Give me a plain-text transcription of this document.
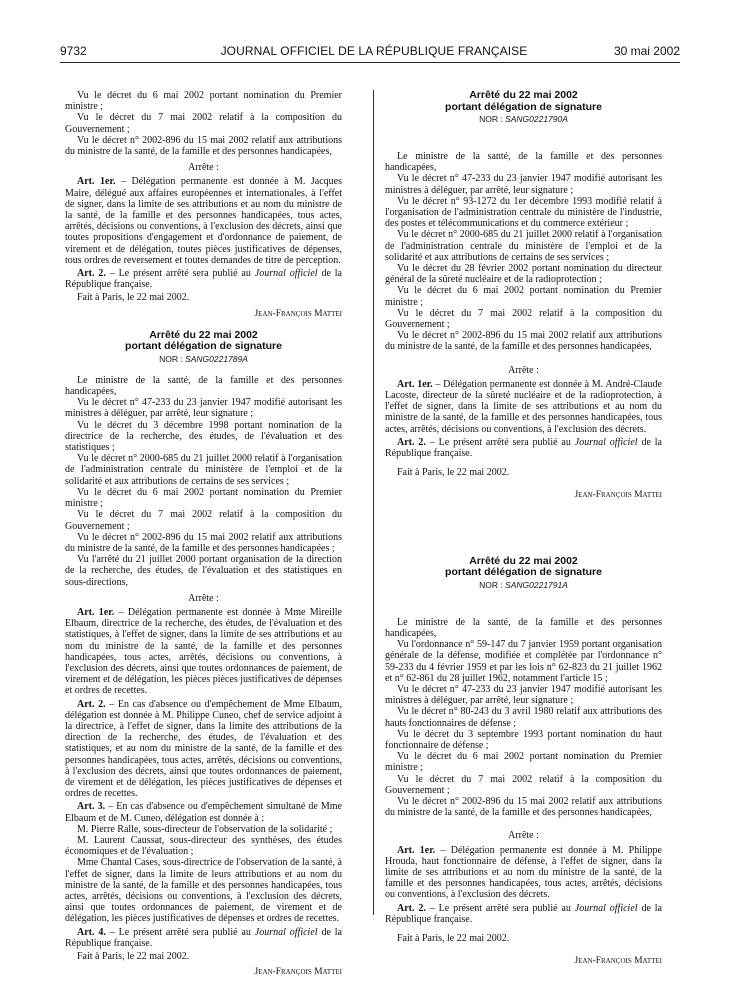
9732	JOURNAL OFFICIEL DE LA RÉPUBLIQUE FRANÇAISE	30 mai 2002

Vu le décret du 6 mai 2002 portant nomination du Premier ministre ;

Vu le décret du 7 mai 2002 relatif à la composition du Gouvernement ;

Vu le décret n° 2002-896 du 15 mai 2002 relatif aux attributions du ministre de la santé, de la famille et des personnes handicapées,

Arrête :

Art. 1er. – Délégation permanente est donnée à M. Jacques Maire, délégué aux affaires européennes et internationales, à l'effet de signer, dans la limite de ses attributions et au nom du ministre de la santé, de la famille et des personnes handicapées, tous actes, arrêtés, décisions ou conventions, à l'exclusion des décrets, ainsi que toutes propositions d'engagement et d'ordonnance de paiement, de virement et de délégation, toutes pièces justificatives de dépenses, tous ordres de reversement et toutes demandes de titre de perception.

Art. 2. – Le présent arrêté sera publié au Journal officiel de la République française.

Fait à Paris, le 22 mai 2002.

Jean-François Mattei

Arrêté du 22 mai 2002
portant délégation de signature
NOR : SANG0221789A

Le ministre de la santé, de la famille et des personnes handicapées,

Vu le décret n° 47-233 du 23 janvier 1947 modifié autorisant les ministres à déléguer, par arrêté, leur signature ;

Vu le décret du 3 décembre 1998 portant nomination de la directrice de la recherche, des études, de l'évaluation et des statistiques ;

Vu le décret n° 2000-685 du 21 juillet 2000 relatif à l'organisation de l'administration centrale du ministère de l'emploi et de la solidarité et aux attributions de certains de ses services ;

Vu le décret du 6 mai 2002 portant nomination du Premier ministre ;

Vu le décret du 7 mai 2002 relatif à la composition du Gouvernement ;

Vu le décret n° 2002-896 du 15 mai 2002 relatif aux attributions du ministre de la santé, de la famille et des personnes handicapées ;

Vu l'arrêté du 21 juillet 2000 portant organisation de la direction de la recherche, des études, de l'évaluation et des statistiques en sous-directions,

Arrête :

Art. 1er. – Délégation permanente est donnée à Mme Mireille Elbaum, directrice de la recherche, des études, de l'évaluation et des statistiques, à l'effet de signer, dans la limite de ses attributions et au nom du ministre de la santé, de la famille et des personnes handicapées, tous actes, arrêtés, décisions ou conventions, à l'exclusion des décrets, ainsi que toutes ordonnances de paiement, de virement et de délégation, les pièces pièces justificatives de dépenses et ordres de recettes.

Art. 2. – En cas d'absence ou d'empêchement de Mme Elbaum, délégation est donnée à M. Philippe Cuneo, chef de service adjoint à la directrice, à l'effet de signer, dans la limite des attributions de la direction de la recherche, des études, de l'évaluation et des statistiques, et au nom du ministre de la santé, de la famille et des personnes handicapées, tous actes, arrêtés, décisions ou conventions, à l'exclusion des décrets, ainsi que toutes ordonnances de paiement, de virement et de délégation, les pièces justificatives de dépenses et ordres de recettes.

Art. 3. – En cas d'absence ou d'empêchement simultané de Mme Elbaum et de M. Cuneo, délégation est donnée à :

M. Pierre Ralle, sous-directeur de l'observation de la solidarité ;

M. Laurent Caussat, sous-directeur des synthèses, des études économiques et de l'évaluation ;

Mme Chantal Cases, sous-directrice de l'observation de la santé, à l'effet de signer, dans la limite de leurs attributions et au nom du ministre de la santé, de la famille et des personnes handicapées, tous actes, arrêtés, décisions ou conventions, à l'exclusion des décrets, ainsi que toutes ordonnances de paiement, de virement et de délégation, les pièces justificatives de dépenses et ordres de recettes.

Art. 4. – Le présent arrêté sera publié au Journal officiel de la République française.

Fait à Paris, le 22 mai 2002.

Jean-François Mattei

Arrêté du 22 mai 2002
portant délégation de signature
NOR : SANG0221790A

Le ministre de la santé, de la famille et des personnes handicapées,

Vu le décret n° 47-233 du 23 janvier 1947 modifié autorisant les ministres à déléguer, par arrêté, leur signature ;

Vu le décret n° 93-1272 du 1er décembre 1993 modifié relatif à l'organisation de l'administration centrale du ministère de l'industrie, des postes et télécommunications et du commerce extérieur ;

Vu le décret n° 2000-685 du 21 juillet 2000 relatif à l'organisation de l'administration centrale du ministère de l'emploi et de la solidarité et aux attributions de certains de ses services ;

Vu le décret du 28 février 2002 portant nomination du directeur général de la sûreté nucléaire et de la radioprotection ;

Vu le décret du 6 mai 2002 portant nomination du Premier ministre ;

Vu le décret du 7 mai 2002 relatif à la composition du Gouvernement ;

Vu le décret n° 2002-896 du 15 mai 2002 relatif aux attributions du ministre de la santé, de la famille et des personnes handicapées,

Arrête :

Art. 1er. – Délégation permanente est donnée à M. André-Claude Lacoste, directeur de la sûreté nucléaire et de la radioprotection, à l'effet de signer, dans la limite de ses attributions et au nom du ministre de la santé, de la famille et des personnes handicapées, tous actes, arrêtés, décisions ou conventions, à l'exclusion des décrets.

Art. 2. – Le présent arrêté sera publié au Journal officiel de la République française.

Fait à Paris, le 22 mai 2002.

Jean-François Mattei

Arrêté du 22 mai 2002
portant délégation de signature
NOR : SANG0221791A

Le ministre de la santé, de la famille et des personnes handicapées,

Vu l'ordonnance n° 59-147 du 7 janvier 1959 portant organisation générale de la défense, modifiée et complétée par l'ordonnance n° 59-233 du 4 février 1959 et par les lois n° 62-823 du 21 juillet 1962 et n° 62-861 du 28 juillet 1962, notamment l'article 15 ;

Vu le décret n° 47-233 du 23 janvier 1947 modifié autorisant les ministres à déléguer, par arrêté, leur signature ;

Vu le décret n° 80-243 du 3 avril 1980 relatif aux attributions des hauts fonctionnaires de défense ;

Vu le décret du 3 septembre 1993 portant nomination du haut fonctionnaire de défense ;

Vu le décret du 6 mai 2002 portant nomination du Premier ministre ;

Vu le décret du 7 mai 2002 relatif à la composition du Gouvernement ;

Vu le décret n° 2002-896 du 15 mai 2002 relatif aux attributions du ministre de la santé, de la famille et des personnes handicapées,

Arrête :

Art. 1er. – Délégation permanente est donnée à M. Philippe Hrouda, haut fonctionnaire de défense, à l'effet de signer, dans la limite de ses attributions et au nom du ministre de la santé, de la famille et des personnes handicapées, tous actes, arrêtés, décisions ou conventions, à l'exclusion des décrets.

Art. 2. – Le présent arrêté sera publié au Journal officiel de la République française.

Fait à Paris, le 22 mai 2002.

Jean-François Mattei
